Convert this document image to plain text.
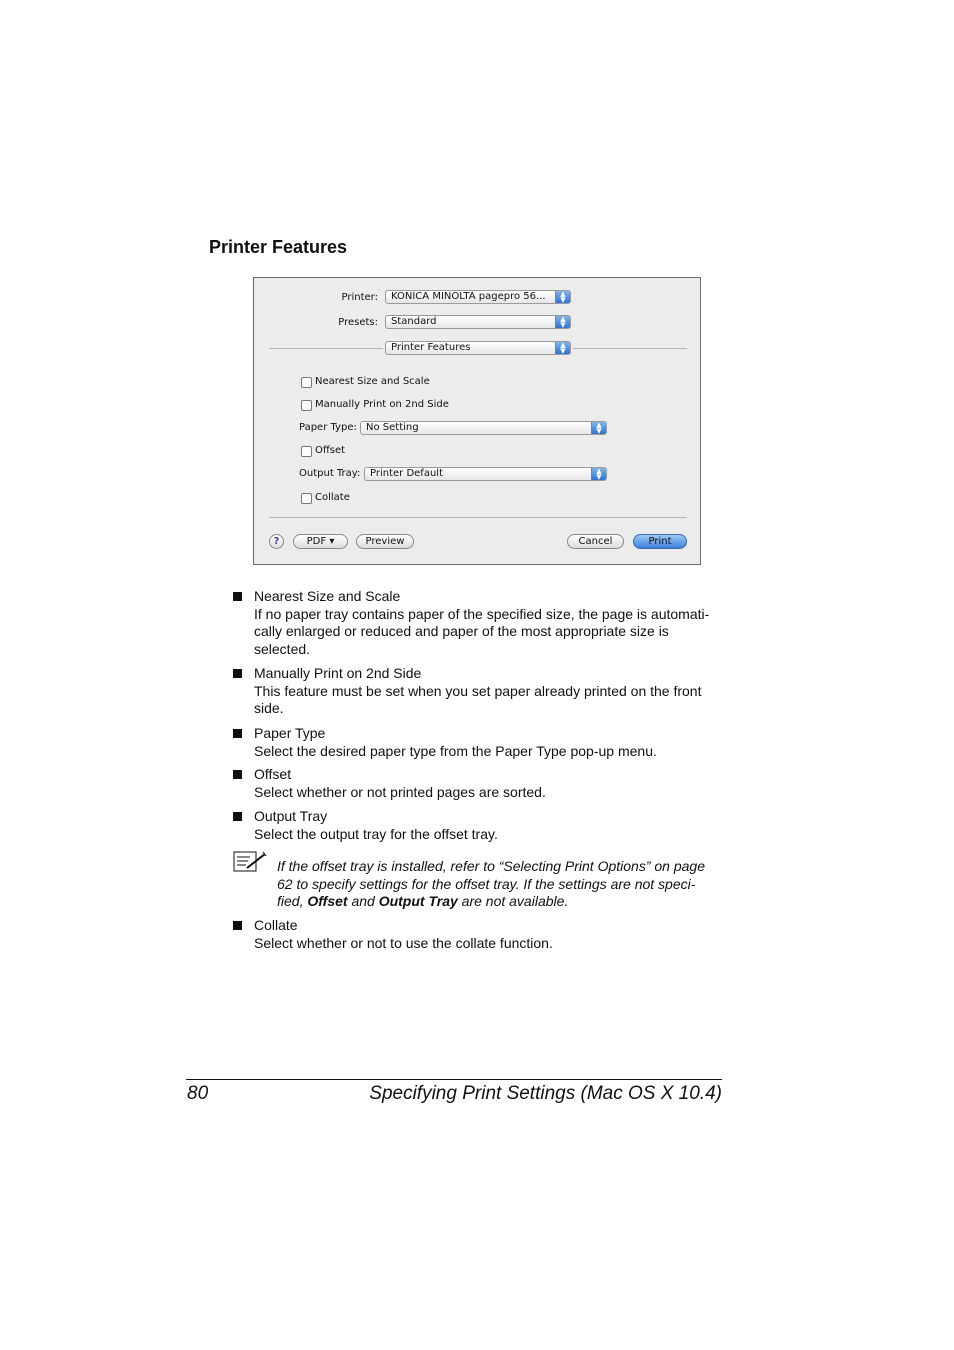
Printer Features
Printer:	KONICA MINOLTA pagepro 56...	▲
▼
Presets:	Standard	▲
▼
Printer Features	▲
▼
Nearest Size and Scale
Manually Print on 2nd Side
Paper Type: No Setting	▲
▼
Offset
Output Tray: Printer Default	▲
▼
Collate
?	PDF ▾	Preview	Cancel	Print
Nearest Size and Scale
If no paper tray contains paper of the specified size, the page is automati-
cally enlarged or reduced and paper of the most appropriate size is
selected.
Manually Print on 2nd Side
This feature must be set when you set paper already printed on the front
side.
Paper Type
Select the desired paper type from the Paper Type pop-up menu.
Offset
Select whether or not printed pages are sorted.
Output Tray
Select the output tray for the offset tray.
If the offset tray is installed, refer to “Selecting Print Options” on page
62 to specify settings for the offset tray. If the settings are not speci-
fied, Offset and Output Tray are not available.
Collate
Select whether or not to use the collate function.
80	Specifying Print Settings (Mac OS X 10.4)
